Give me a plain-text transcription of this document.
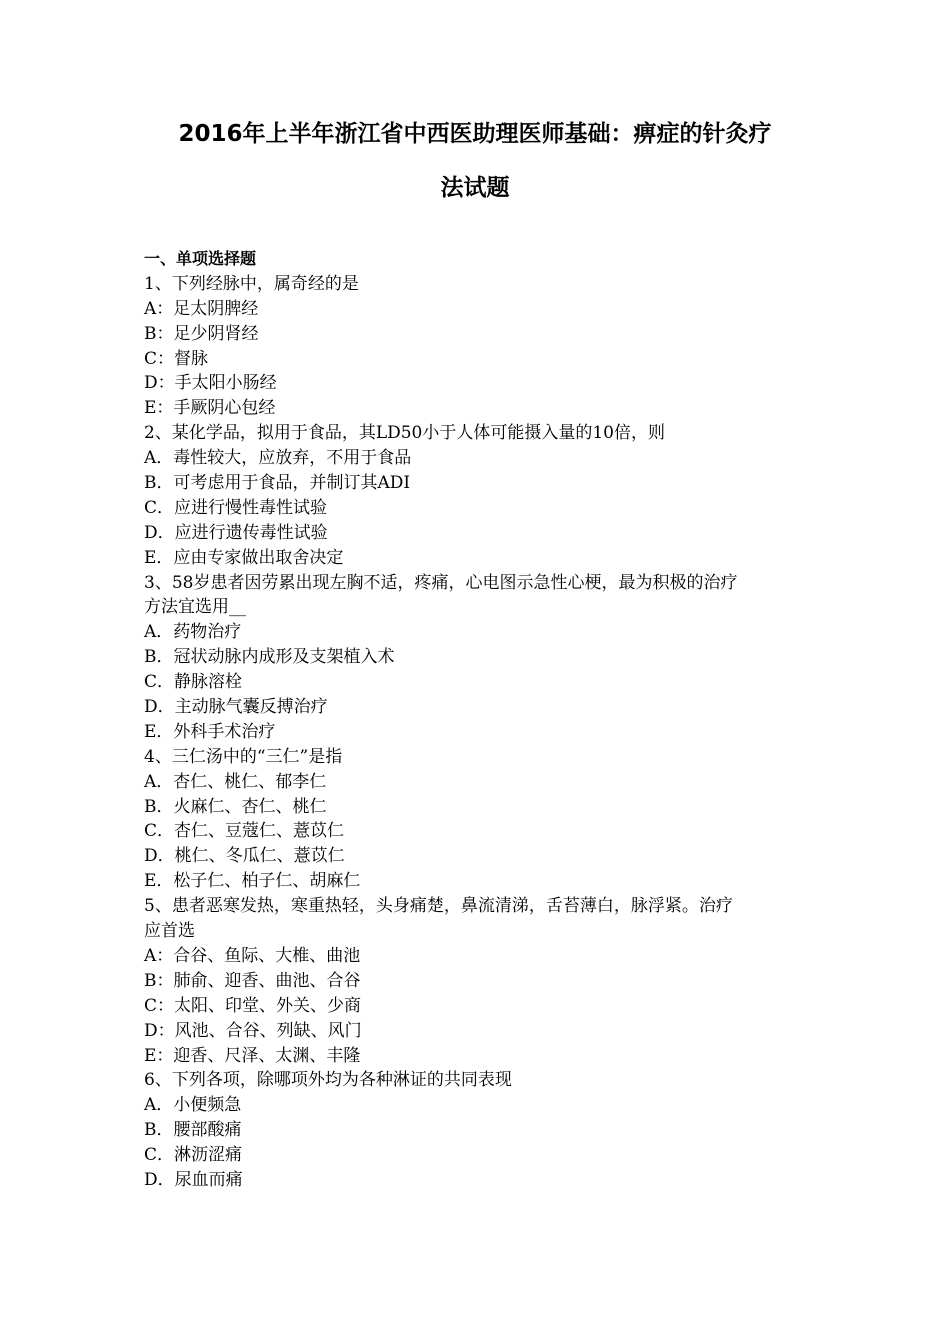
2016年上半年浙江省中西医助理医师基础：痹症的针灸疗
法试题
一、单项选择题
1、下列经脉中，属奇经的是
A：足太阴脾经
B：足少阴肾经
C：督脉
D：手太阳小肠经
E：手厥阴心包经
2、某化学品，拟用于食品，其LD50小于人体可能摄入量的10倍，则
A．毒性较大，应放弃，不用于食品
B．可考虑用于食品，并制订其ADI
C．应进行慢性毒性试验
D．应进行遗传毒性试验
E．应由专家做出取舍决定
3、58岁患者因劳累出现左胸不适，疼痛，心电图示急性心梗，最为积极的治疗
方法宜选用__
A．药物治疗
B．冠状动脉内成形及支架植入术
C．静脉溶栓
D．主动脉气囊反搏治疗
E．外科手术治疗
4、三仁汤中的“三仁”是指
A．杏仁、桃仁、郁李仁
B．火麻仁、杏仁、桃仁
C．杏仁、豆蔻仁、薏苡仁
D．桃仁、冬瓜仁、薏苡仁
E．松子仁、柏子仁、胡麻仁
5、患者恶寒发热，寒重热轻，头身痛楚，鼻流清涕，舌苔薄白，脉浮紧。治疗
应首选
A：合谷、鱼际、大椎、曲池
B：肺俞、迎香、曲池、合谷
C：太阳、印堂、外关、少商
D：风池、合谷、列缺、风门
E：迎香、尺泽、太渊、丰隆
6、下列各项，除哪项外均为各种淋证的共同表现
A．小便频急
B．腰部酸痛
C．淋沥涩痛
D．尿血而痛
